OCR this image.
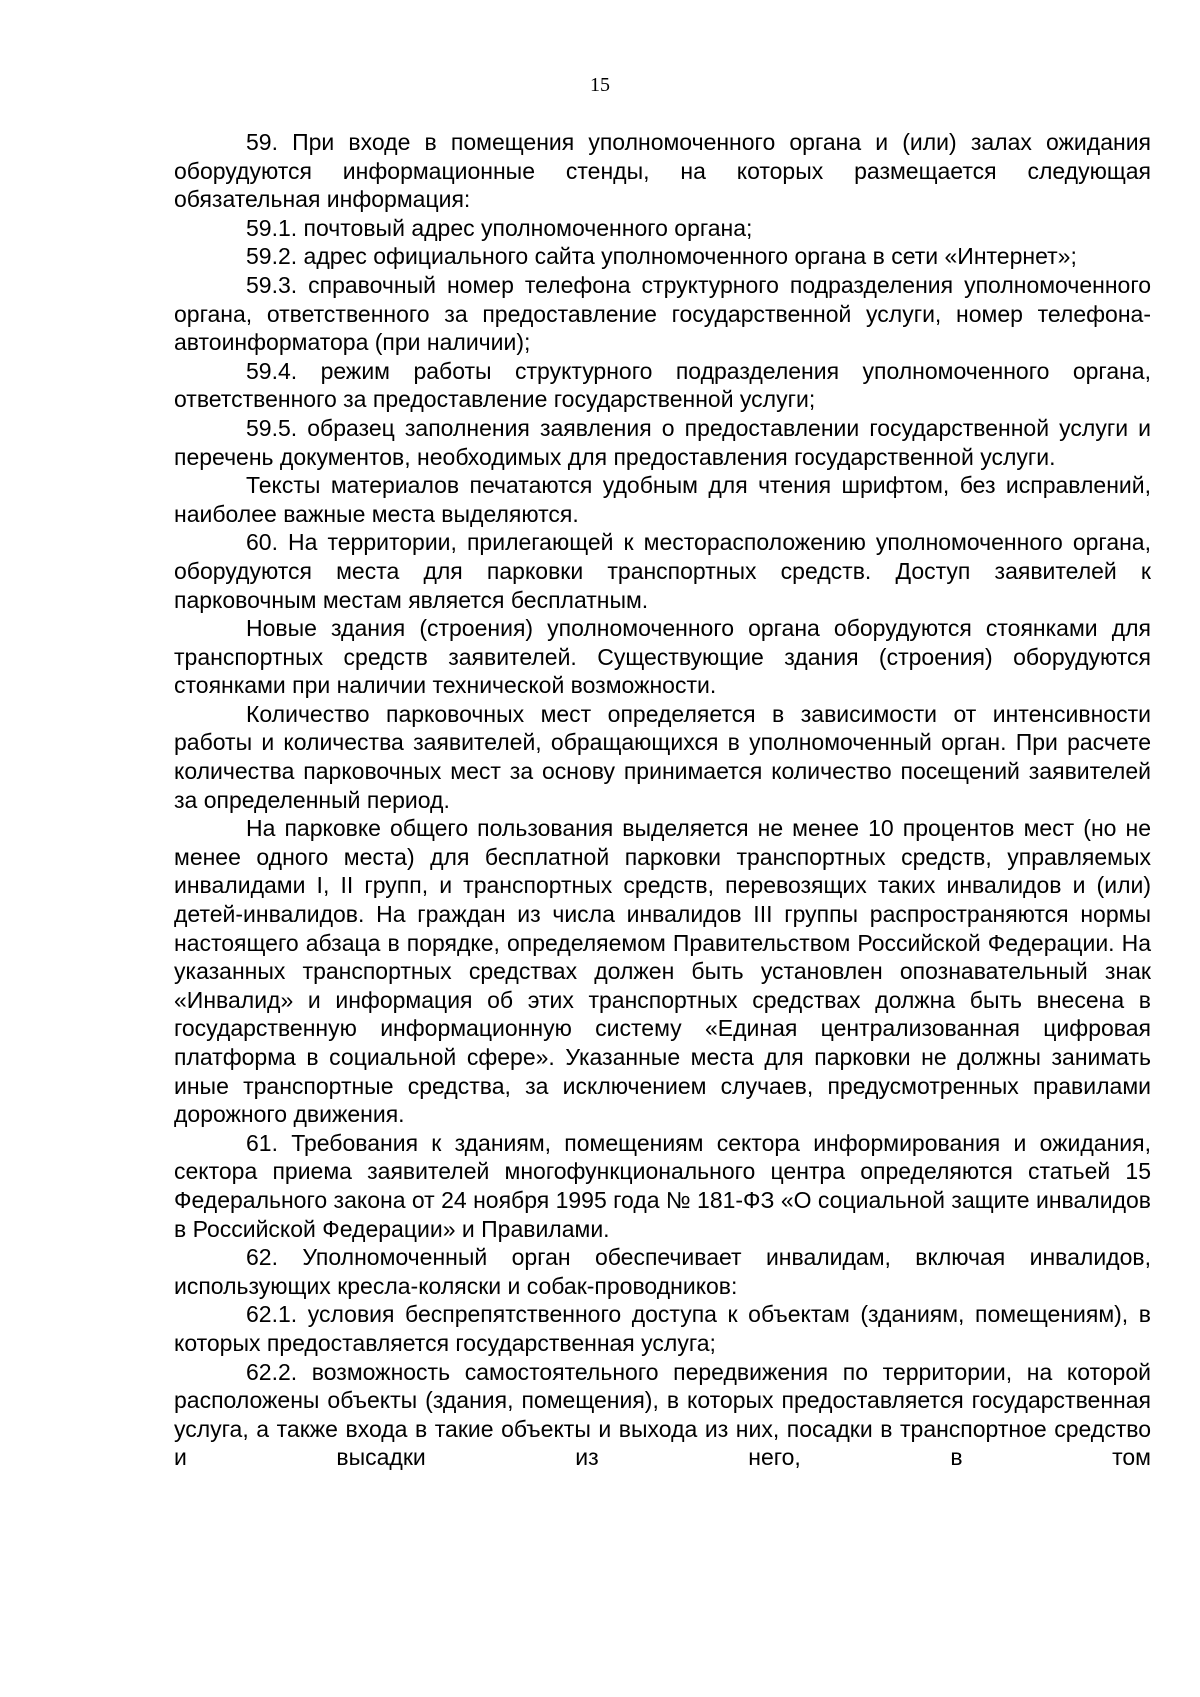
15

59. При входе в помещения уполномоченного органа и (или) залах ожидания оборудуются информационные стенды, на которых размещается следующая обязательная информация:

59.1. почтовый адрес уполномоченного органа;

59.2. адрес официального сайта уполномоченного органа в сети «Интернет»;

59.3. справочный номер телефона структурного подразделения уполномоченного органа, ответственного за предоставление государственной услуги, номер телефона-автоинформатора (при наличии);

59.4. режим работы структурного подразделения уполномоченного органа, ответственного за предоставление государственной услуги;

59.5. образец заполнения заявления о предоставлении государственной услуги и перечень документов, необходимых для предоставления государственной услуги.

Тексты материалов печатаются удобным для чтения шрифтом, без исправлений, наиболее важные места выделяются.

60. На территории, прилегающей к месторасположению уполномоченного органа, оборудуются места для парковки транспортных средств. Доступ заявителей к парковочным местам является бесплатным.

Новые здания (строения) уполномоченного органа оборудуются стоянками для транспортных средств заявителей. Существующие здания (строения) оборудуются стоянками при наличии технической возможности.

Количество парковочных мест определяется в зависимости от интенсивности работы и количества заявителей, обращающихся в уполномоченный орган. При расчете количества парковочных мест за основу принимается количество посещений заявителей за определенный период.

На парковке общего пользования выделяется не менее 10 процентов мест (но не менее одного места) для бесплатной парковки транспортных средств, управляемых инвалидами I, II групп, и транспортных средств, перевозящих таких инвалидов и (или) детей-инвалидов. На граждан из числа инвалидов III группы распространяются нормы настоящего абзаца в порядке, определяемом Правительством Российской Федерации. На указанных транспортных средствах должен быть установлен опознавательный знак «Инвалид» и информация об этих транспортных средствах должна быть внесена в государственную информационную систему «Единая централизованная цифровая платформа в социальной сфере». Указанные места для парковки не должны занимать иные транспортные средства, за исключением случаев, предусмотренных правилами дорожного движения.

61. Требования к зданиям, помещениям сектора информирования и ожидания, сектора приема заявителей многофункционального центра определяются статьей 15 Федерального закона от 24 ноября 1995 года № 181-ФЗ «О социальной защите инвалидов в Российской Федерации» и Правилами.

62. Уполномоченный орган обеспечивает инвалидам, включая инвалидов, использующих кресла-коляски и собак-проводников:

62.1. условия беспрепятственного доступа к объектам (зданиям, помещениям), в которых предоставляется государственная услуга;

62.2. возможность самостоятельного передвижения по территории, на которой расположены объекты (здания, помещения), в которых предоставляется государственная услуга, а также входа в такие объекты и выхода из них, посадки в транспортное средство и высадки из него, в том
